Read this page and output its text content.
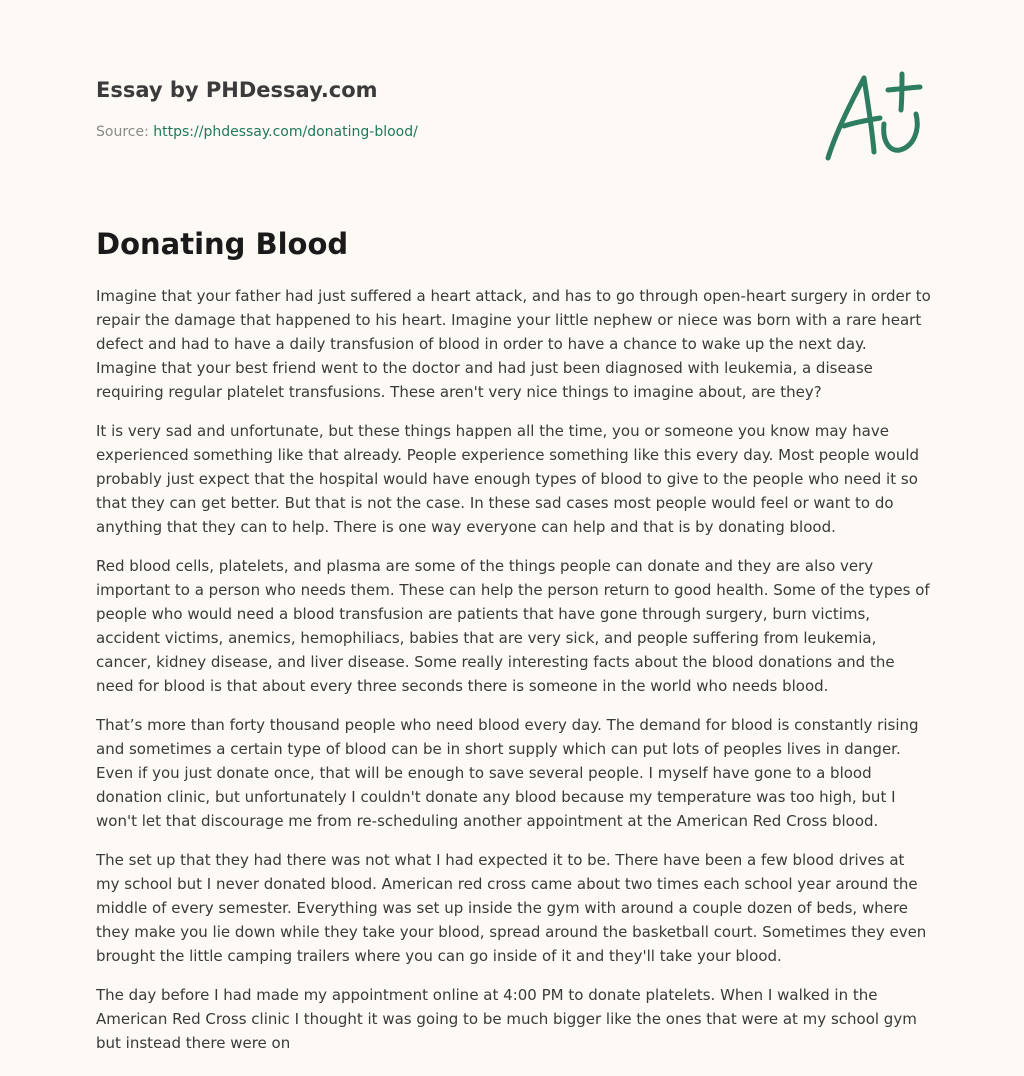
Essay by PHDessay.com
Source: https://phdessay.com/donating-blood/
Donating Blood

Imagine that your father had just suffered a heart attack, and has to go through open-heart surgery in order to repair the damage that happened to his heart. Imagine your little nephew or niece was born with a rare heart defect and had to have a daily transfusion of blood in order to have a chance to wake up the next day. Imagine that your best friend went to the doctor and had just been diagnosed with leukemia, a disease requiring regular platelet transfusions. These aren't very nice things to imagine about, are they?

It is very sad and unfortunate, but these things happen all the time, you or someone you know may have experienced something like that already. People experience something like this every day. Most people would probably just expect that the hospital would have enough types of blood to give to the people who need it so that they can get better. But that is not the case. In these sad cases most people would feel or want to do anything that they can to help. There is one way everyone can help and that is by donating blood.

Red blood cells, platelets, and plasma are some of the things people can donate and they are also very important to a person who needs them. These can help the person return to good health. Some of the types of people who would need a blood transfusion are patients that have gone through surgery, burn victims, accident victims, anemics, hemophiliacs, babies that are very sick, and people suffering from leukemia, cancer, kidney disease, and liver disease. Some really interesting facts about the blood donations and the need for blood is that about every three seconds there is someone in the world who needs blood.

That’s more than forty thousand people who need blood every day. The demand for blood is constantly rising and sometimes a certain type of blood can be in short supply which can put lots of peoples lives in danger. Even if you just donate once, that will be enough to save several people. I myself have gone to a blood donation clinic, but unfortunately I couldn't donate any blood because my temperature was too high, but I won't let that discourage me from re-scheduling another appointment at the American Red Cross blood.

The set up that they had there was not what I had expected it to be. There have been a few blood drives at my school but I never donated blood. American red cross came about two times each school year around the middle of every semester. Everything was set up inside the gym with around a couple dozen of beds, where they make you lie down while they take your blood, spread around the basketball court. Sometimes they even brought the little camping trailers where you can go inside of it and they'll take your blood.

The day before I had made my appointment online at 4:00 PM to donate platelets. When I walked in the American Red Cross clinic I thought it was going to be much bigger like the ones that were at my school gym but instead there were on
